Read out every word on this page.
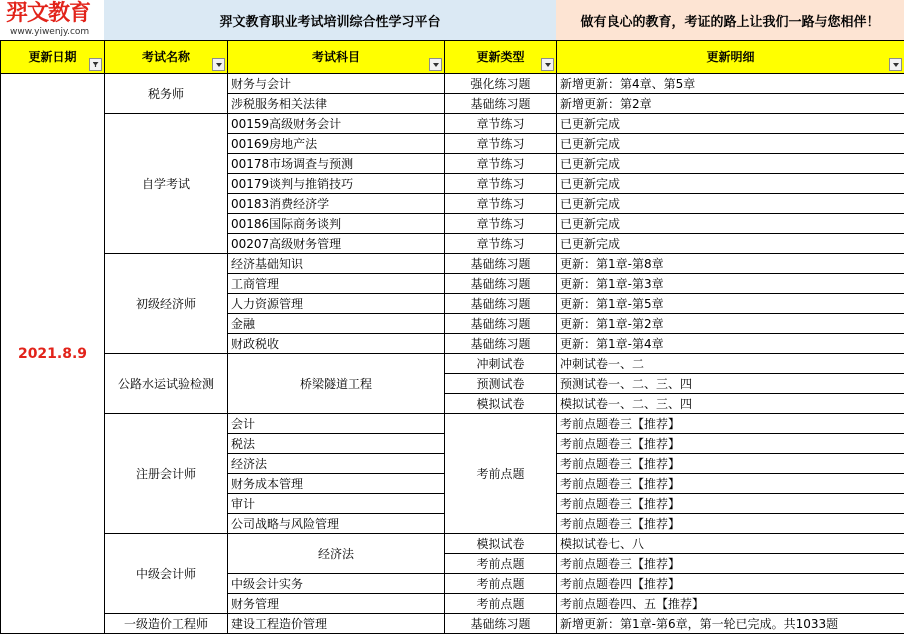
羿文教育
www.yiwenjy.com
羿文教育职业考试培训综合性学习平台	做有良心的教育，考证的路上让我们一路与您相伴！
更新日期	考试名称	考试科目	更新类型	更新明细

2021.8.9	税务师	财务与会计	强化练习题	新增更新：第4章、第5章
		涉税服务相关法律	基础练习题	新增更新：第2章
	自学考试	00159高级财务会计	章节练习	已更新完成
		00169房地产法	章节练习	已更新完成
		00178市场调查与预测	章节练习	已更新完成
		00179谈判与推销技巧	章节练习	已更新完成
		00183消费经济学	章节练习	已更新完成
		00186国际商务谈判	章节练习	已更新完成
		00207高级财务管理	章节练习	已更新完成
	初级经济师	经济基础知识	基础练习题	更新：第1章-第8章
		工商管理	基础练习题	更新：第1章-第3章
		人力资源管理	基础练习题	更新：第1章-第5章
		金融	基础练习题	更新：第1章-第2章
		财政税收	基础练习题	更新：第1章-第4章
	公路水运试验检测	桥梁隧道工程	冲刺试卷	冲刺试卷一、二
			预测试卷	预测试卷一、二、三、四
			模拟试卷	模拟试卷一、二、三、四
	注册会计师	会计	考前点题	考前点题卷三【推荐】
		税法		考前点题卷三【推荐】
		经济法		考前点题卷三【推荐】
		财务成本管理		考前点题卷三【推荐】
		审计		考前点题卷三【推荐】
		公司战略与风险管理		考前点题卷三【推荐】
	中级会计师	经济法	模拟试卷	模拟试卷七、八
			考前点题	考前点题卷三【推荐】
		中级会计实务	考前点题	考前点题卷四【推荐】
		财务管理	考前点题	考前点题卷四、五【推荐】
	一级造价工程师	建设工程造价管理	基础练习题	新增更新：第1章-第6章，第一轮已完成。共1033题
